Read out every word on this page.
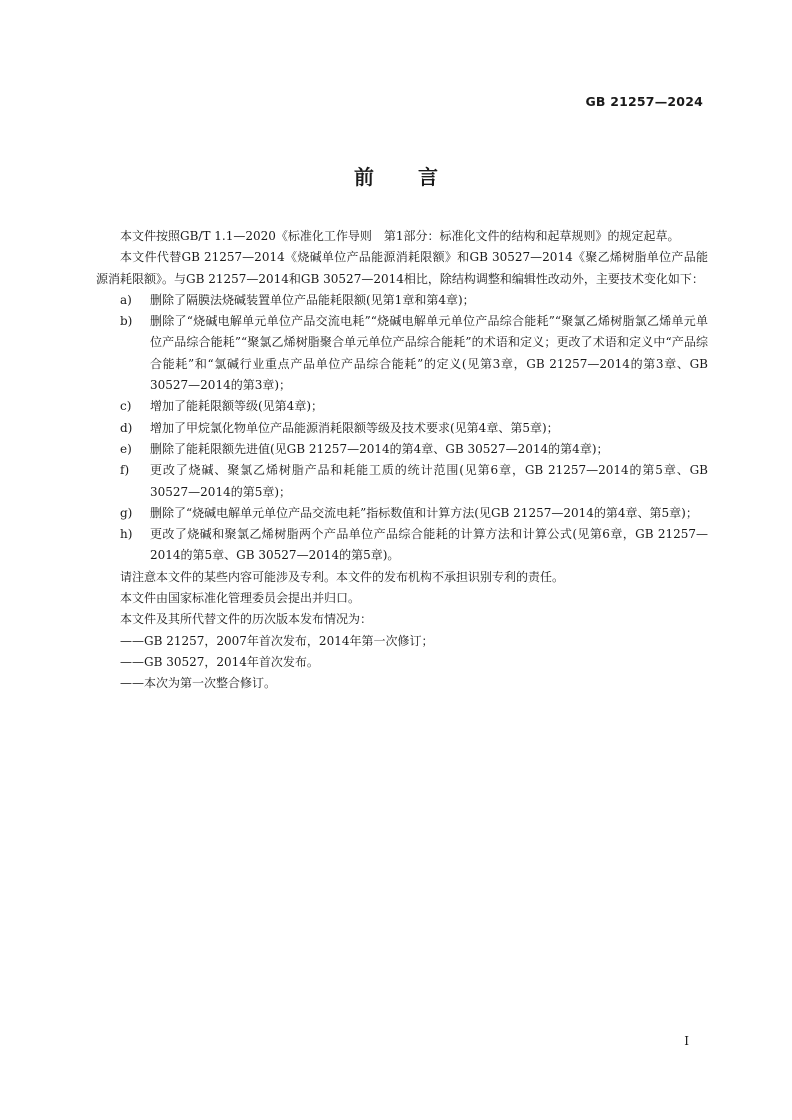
GB 21257—2024
前 言

本文件按照GB/T 1.1—2020《标准化工作导则　第1部分：标准化文件的结构和起草规则》的规定起草。

本文件代替GB 21257—2014《烧碱单位产品能源消耗限额》和GB 30527—2014《聚乙烯树脂单位产品能源消耗限额》。与GB 21257—2014和GB 30527—2014相比，除结构调整和编辑性改动外，主要技术变化如下：

a) 删除了隔膜法烧碱装置单位产品能耗限额(见第1章和第4章)；

b) 删除了“烧碱电解单元单位产品交流电耗”“烧碱电解单元单位产品综合能耗”“聚氯乙烯树脂氯乙烯单元单位产品综合能耗”“聚氯乙烯树脂聚合单元单位产品综合能耗”的术语和定义；更改了术语和定义中“产品综合能耗”和“氯碱行业重点产品单位产品综合能耗”的定义(见第3章，GB 21257—2014的第3章、GB 30527—2014的第3章)；

c) 增加了能耗限额等级(见第4章)；

d) 增加了甲烷氯化物单位产品能源消耗限额等级及技术要求(见第4章、第5章)；

e) 删除了能耗限额先进值(见GB 21257—2014的第4章、GB 30527—2014的第4章)；

f) 更改了烧碱、聚氯乙烯树脂产品和耗能工质的统计范围(见第6章，GB 21257—2014的第5章、GB 30527—2014的第5章)；

g) 删除了“烧碱电解单元单位产品交流电耗”指标数值和计算方法(见GB 21257—2014的第4章、第5章)；

h) 更改了烧碱和聚氯乙烯树脂两个产品单位产品综合能耗的计算方法和计算公式(见第6章，GB 21257—2014的第5章、GB 30527—2014的第5章)。

请注意本文件的某些内容可能涉及专利。本文件的发布机构不承担识别专利的责任。

本文件由国家标准化管理委员会提出并归口。

本文件及其所代替文件的历次版本发布情况为：

——GB 21257，2007年首次发布，2014年第一次修订；

——GB 30527，2014年首次发布。

——本次为第一次整合修订。

I
